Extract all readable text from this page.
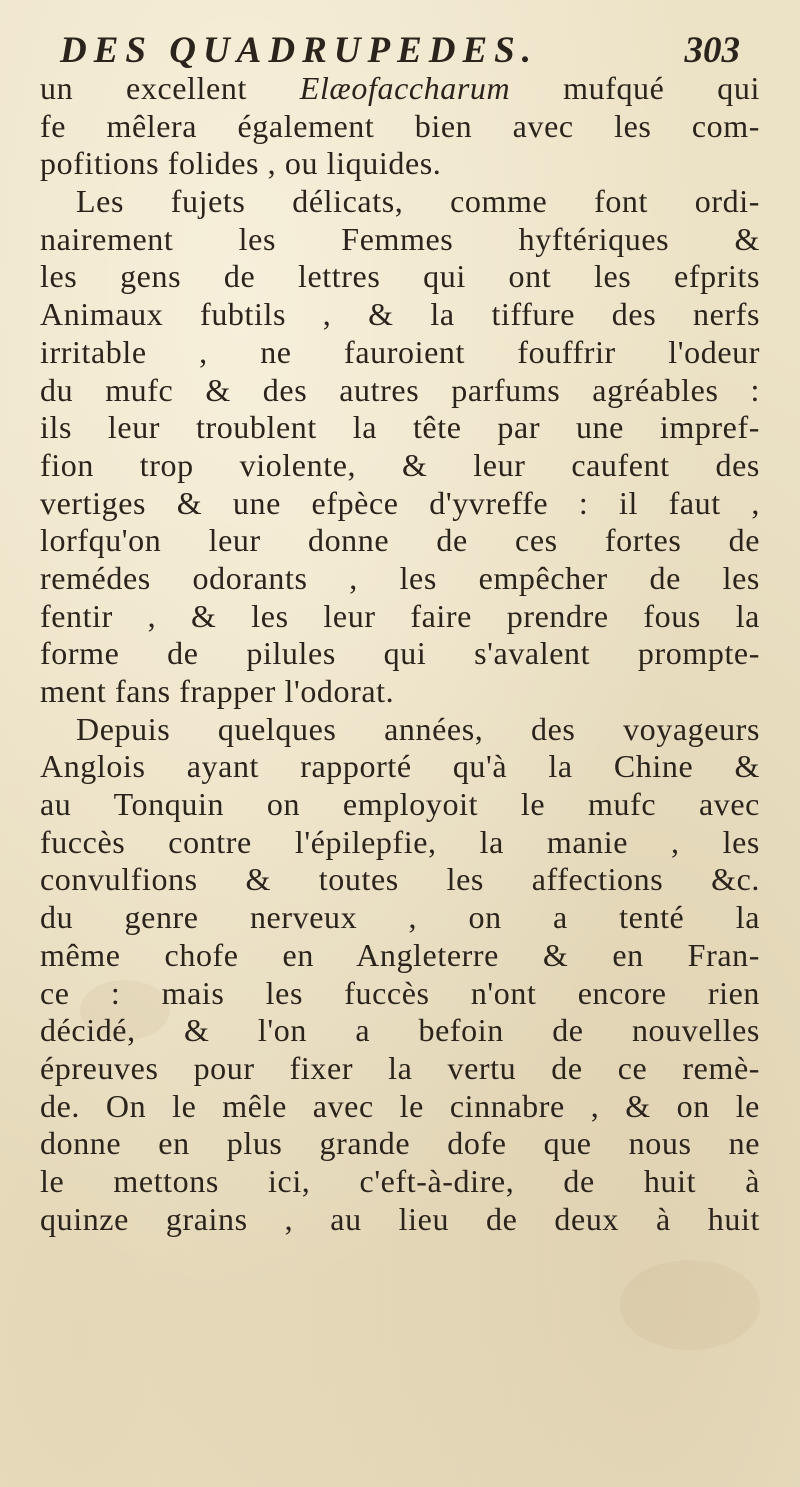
DES QUADRUPEDES.	303
un excellent Elæofaccharum mufqué qui
fe mêlera également bien avec les com-
pofitions folides , ou liquides.
Les fujets délicats, comme font ordi-
nairement les Femmes hyftériques &
les gens de lettres qui ont les efprits
Animaux fubtils , & la tiffure des nerfs
irritable , ne fauroient fouffrir l'odeur
du mufc & des autres parfums agréables :
ils leur troublent la tête par une impref-
fion trop violente, & leur caufent des
vertiges & une efpèce d'yvreffe : il faut ,
lorfqu'on leur donne de ces fortes de
remédes odorants , les empêcher de les
fentir , & les leur faire prendre fous la
forme de pilules qui s'avalent prompte-
ment fans frapper l'odorat.
Depuis quelques années, des voyageurs
Anglois ayant rapporté qu'à la Chine &
au Tonquin on employoit le mufc avec
fuccès contre l'épilepfie, la manie , les
convulfions & toutes les affections &c.
du genre nerveux , on a tenté la
même chofe en Angleterre & en Fran-
ce : mais les fuccès n'ont encore rien
décidé, & l'on a befoin de nouvelles
épreuves pour fixer la vertu de ce remè-
de. On le mêle avec le cinnabre , & on le
donne en plus grande dofe que nous ne
le mettons ici, c'eft-à-dire, de huit à
quinze grains , au lieu de deux à huit
